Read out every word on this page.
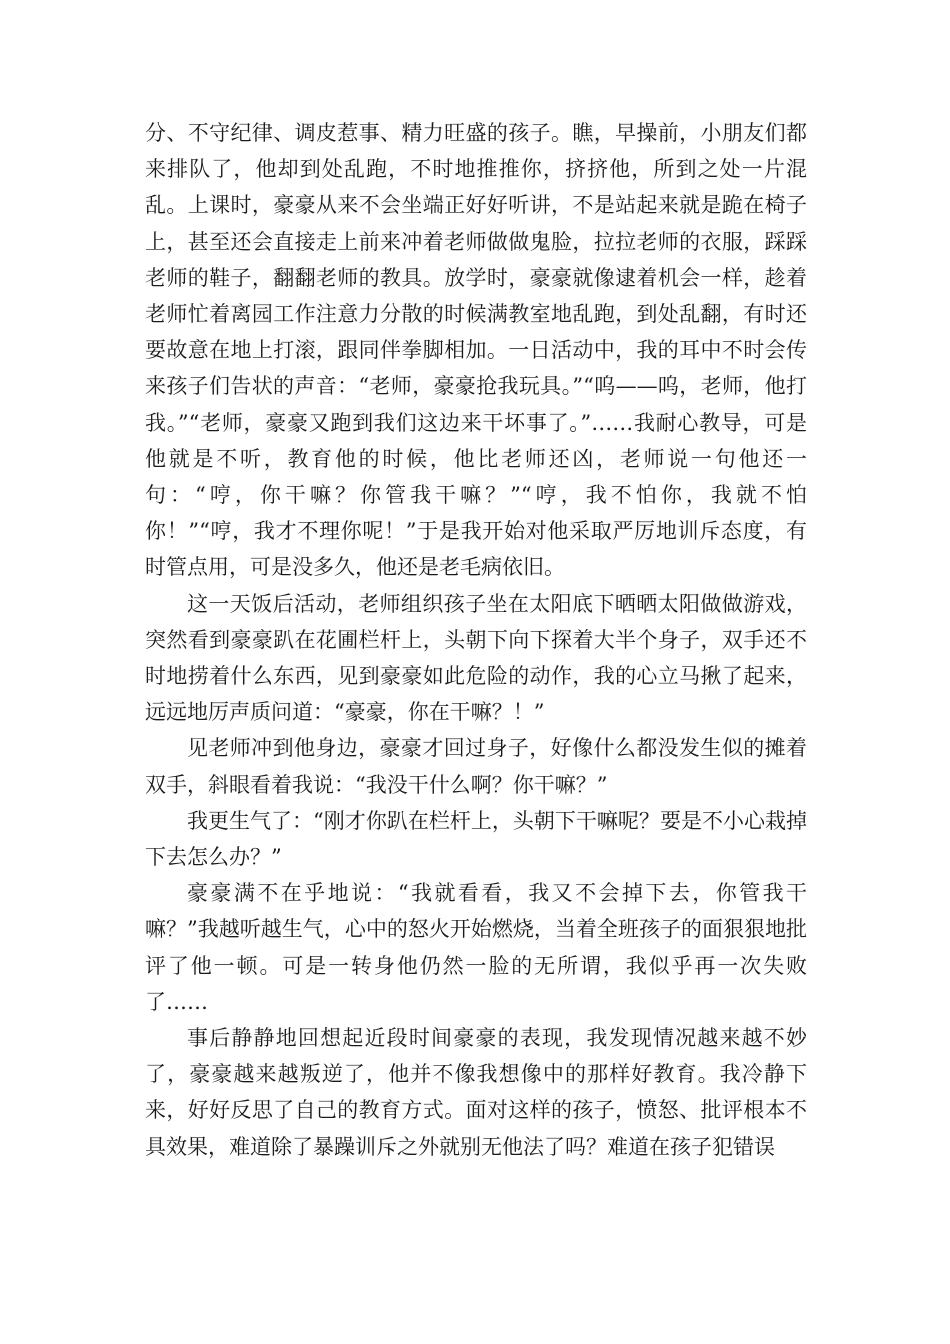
分、不守纪律、调皮惹事、精力旺盛的孩子。瞧，早操前，小朋友们都来排队了，他却到处乱跑，不时地推推你，挤挤他，所到之处一片混乱。上课时，豪豪从来不会坐端正好好听讲，不是站起来就是跪在椅子上，甚至还会直接走上前来冲着老师做做鬼脸，拉拉老师的衣服，踩踩老师的鞋子，翻翻老师的教具。放学时，豪豪就像逮着机会一样，趁着老师忙着离园工作注意力分散的时候满教室地乱跑，到处乱翻，有时还要故意在地上打滚，跟同伴拳脚相加。一日活动中，我的耳中不时会传来孩子们告状的声音：“老师，豪豪抢我玩具。”“呜——呜，老师，他打我。”“老师，豪豪又跑到我们这边来干坏事了。”……我耐心教导，可是他就是不听，教育他的时候，他比老师还凶，老师说一句他还一句：“哼，你干嘛？你管我干嘛？”“哼，我不怕你，我就不怕你！”“哼，我才不理你呢！”于是我开始对他采取严厉地训斥态度，有时管点用，可是没多久，他还是老毛病依旧。

这一天饭后活动，老师组织孩子坐在太阳底下晒晒太阳做做游戏，突然看到豪豪趴在花圃栏杆上，头朝下向下探着大半个身子，双手还不时地捞着什么东西，见到豪豪如此危险的动作，我的心立马揪了起来，远远地厉声质问道：“豪豪，你在干嘛？！”

见老师冲到他身边，豪豪才回过身子，好像什么都没发生似的摊着双手，斜眼看着我说：“我没干什么啊？你干嘛？”

我更生气了：“刚才你趴在栏杆上，头朝下干嘛呢？要是不小心栽掉下去怎么办？”

豪豪满不在乎地说：“我就看看，我又不会掉下去，你管我干嘛？”我越听越生气，心中的怒火开始燃烧，当着全班孩子的面狠狠地批评了他一顿。可是一转身他仍然一脸的无所谓，我似乎再一次失败了……

事后静静地回想起近段时间豪豪的表现，我发现情况越来越不妙了，豪豪越来越叛逆了，他并不像我想像中的那样好教育。我冷静下来，好好反思了自己的教育方式。面对这样的孩子，愤怒、批评根本不具效果，难道除了暴躁训斥之外就别无他法了吗？难道在孩子犯错误
